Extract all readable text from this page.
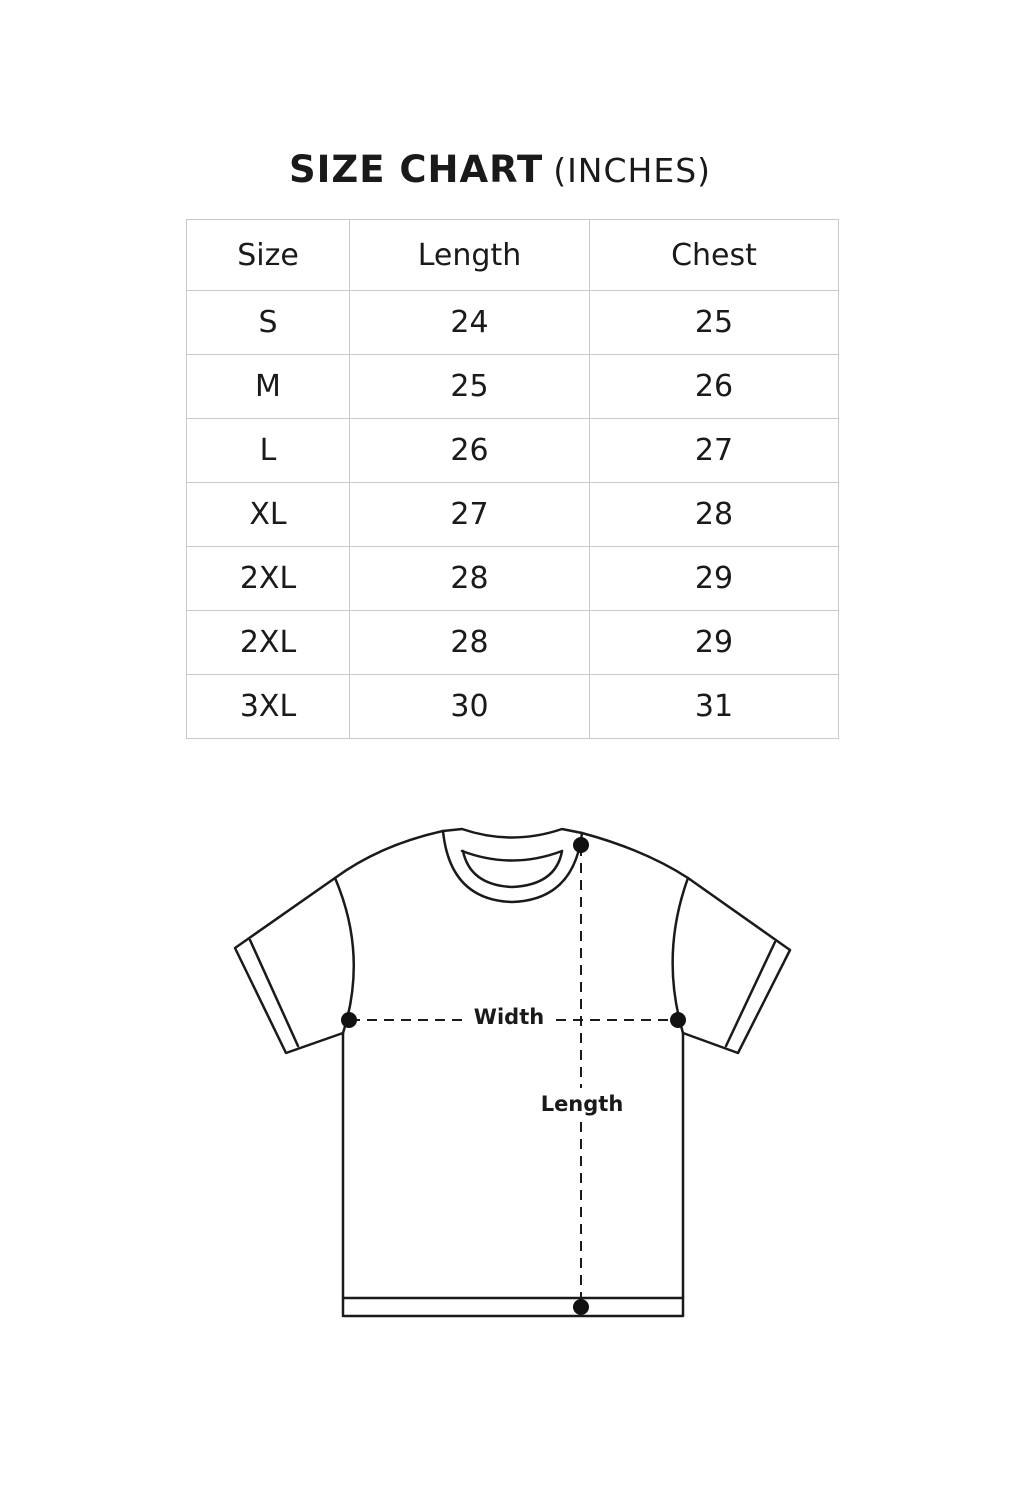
SIZE CHART (INCHES)
Size	Length	Chest
S	24	25
M	25	26
L	26	27
XL	27	28
2XL	28	29
2XL	28	29
3XL	30	31
Width
Length
